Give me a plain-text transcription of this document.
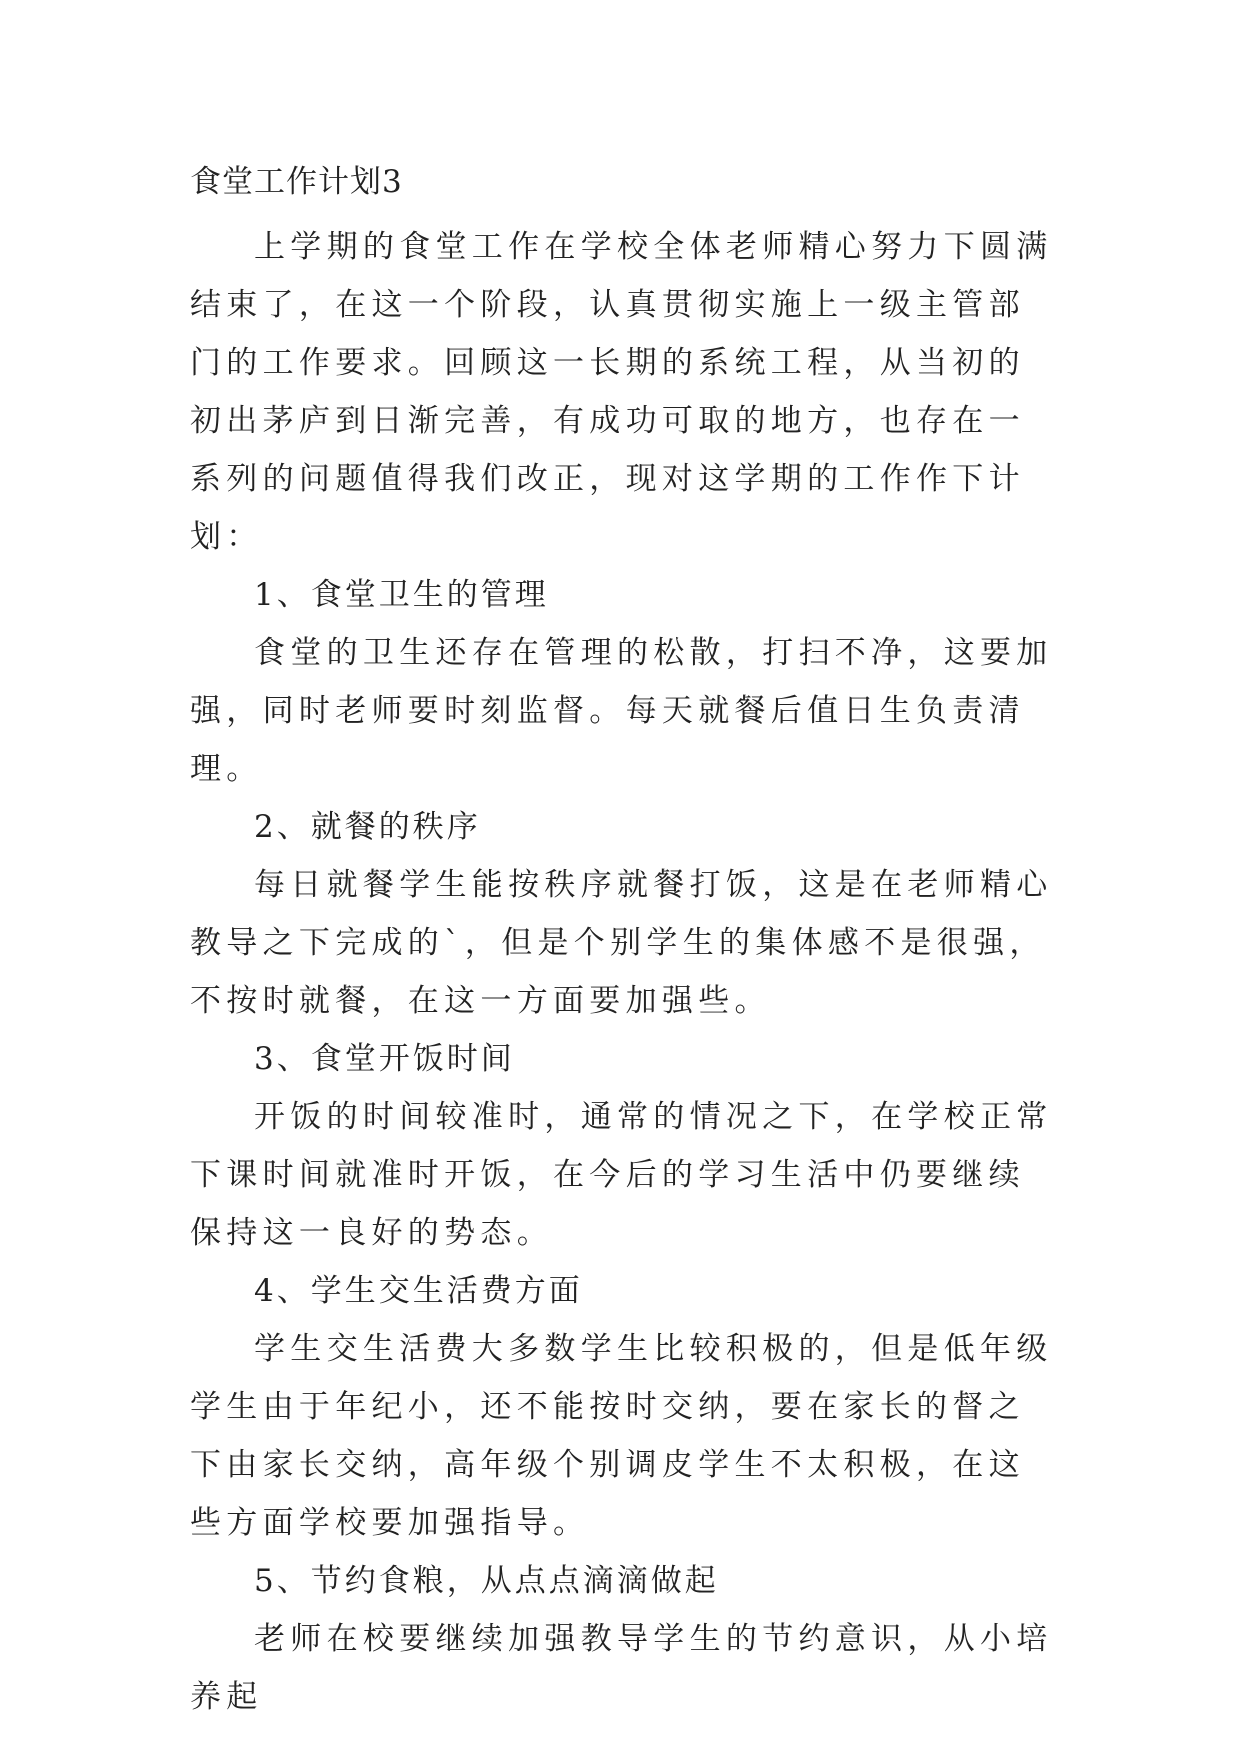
食堂工作计划3

上学期的食堂工作在学校全体老师精心努力下圆满结束了，在这一个阶段，认真贯彻实施上一级主管部门的工作要求。回顾这一长期的系统工程，从当初的初出茅庐到日渐完善，有成功可取的地方，也存在一系列的问题值得我们改正，现对这学期的工作作下计划：

1、食堂卫生的管理

食堂的卫生还存在管理的松散，打扫不净，这要加强，同时老师要时刻监督。每天就餐后值日生负责清理。

2、就餐的秩序

每日就餐学生能按秩序就餐打饭，这是在老师精心教导之下完成的`，但是个别学生的集体感不是很强，不按时就餐，在这一方面要加强些。

3、食堂开饭时间

开饭的时间较准时，通常的情况之下，在学校正常下课时间就准时开饭，在今后的学习生活中仍要继续保持这一良好的势态。

4、学生交生活费方面

学生交生活费大多数学生比较积极的，但是低年级学生由于年纪小，还不能按时交纳，要在家长的督之下由家长交纳，高年级个别调皮学生不太积极，在这些方面学校要加强指导。

5、节约食粮，从点点滴滴做起

老师在校要继续加强教导学生的节约意识，从小培养起
